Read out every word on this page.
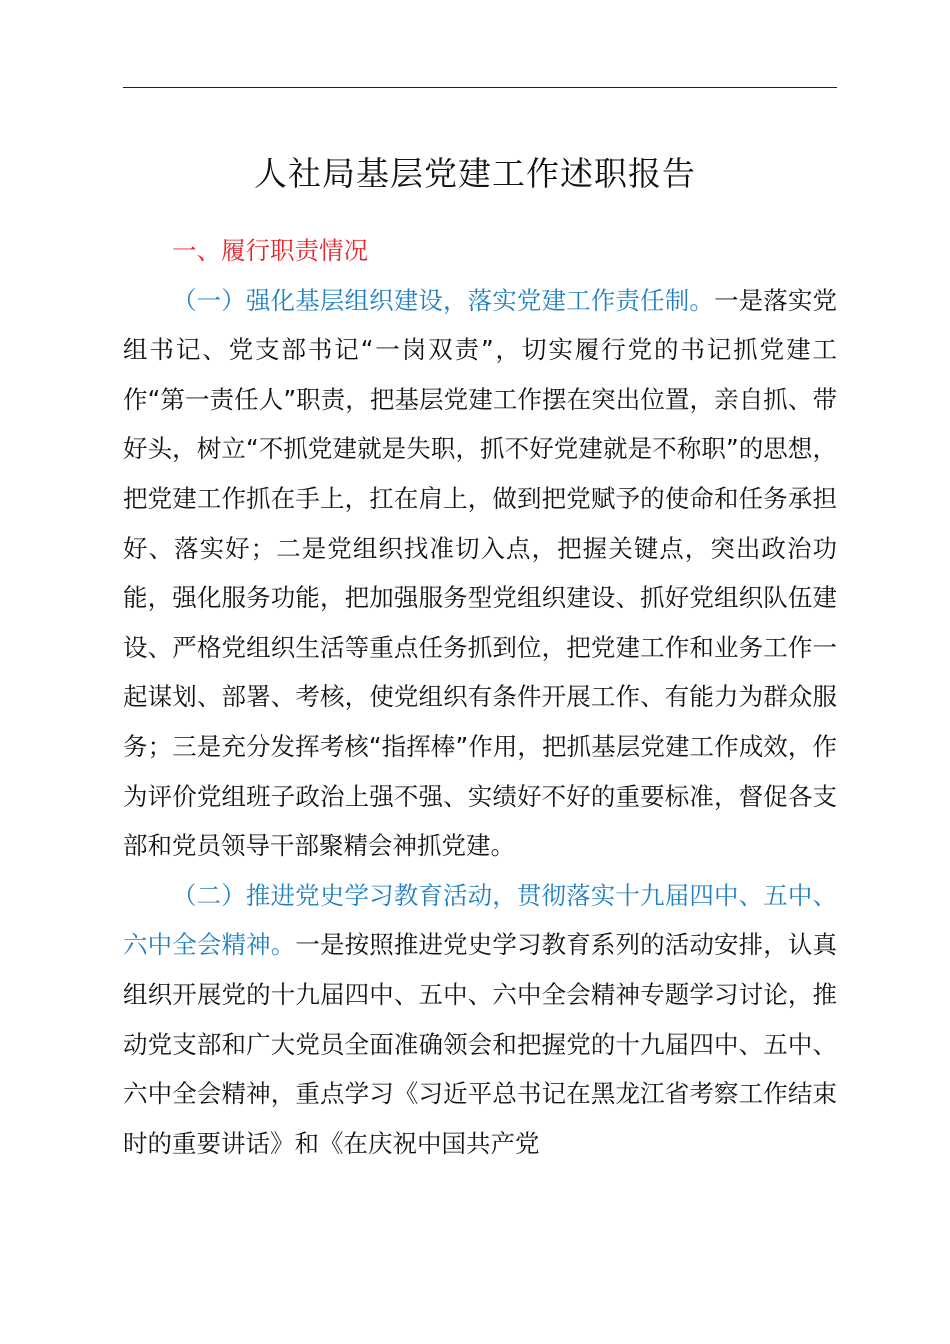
人社局基层党建工作述职报告

一、履行职责情况

（一）强化基层组织建设，落实党建工作责任制。一是落实党组书记、党支部书记“一岗双责”，切实履行党的书记抓党建工作“第一责任人”职责，把基层党建工作摆在突出位置，亲自抓、带好头，树立“不抓党建就是失职，抓不好党建就是不称职”的思想，把党建工作抓在手上，扛在肩上，做到把党赋予的使命和任务承担好、落实好；二是党组织找准切入点，把握关键点，突出政治功能，强化服务功能，把加强服务型党组织建设、抓好党组织队伍建设、严格党组织生活等重点任务抓到位，把党建工作和业务工作一起谋划、部署、考核，使党组织有条件开展工作、有能力为群众服务；三是充分发挥考核“指挥棒”作用，把抓基层党建工作成效，作为评价党组班子政治上强不强、实绩好不好的重要标准，督促各支部和党员领导干部聚精会神抓党建。

（二）推进党史学习教育活动，贯彻落实十九届四中、五中、六中全会精神。一是按照推进党史学习教育系列的活动安排，认真组织开展党的十九届四中、五中、六中全会精神专题学习讨论，推动党支部和广大党员全面准确领会和把握党的十九届四中、五中、六中全会精神，重点学习《习近平总书记在黑龙江省考察工作结束时的重要讲话》和《在庆祝中国共产党
